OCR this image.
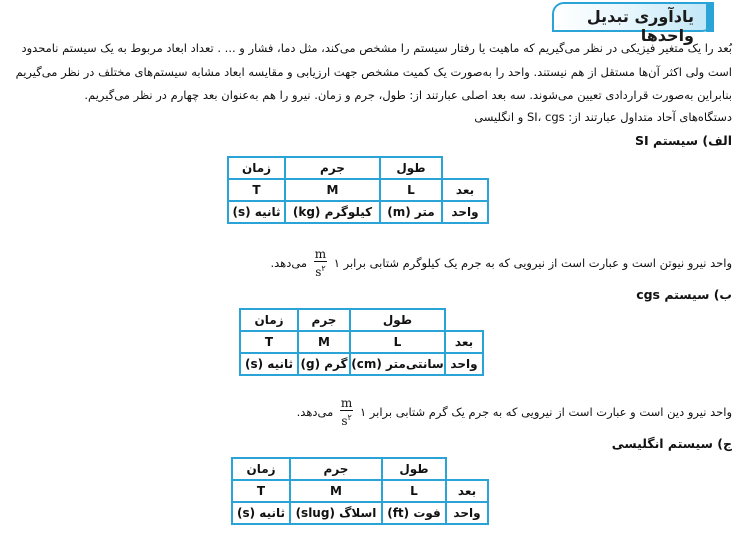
یادآوری تبدیل واحدها
بُعد را یک متغیر فیزیکی در نظر می‌گیریم که ماهیت یا رفتار سیستم را مشخص می‌کند، مثل دما، فشار و ... . تعداد ابعاد مربوط به یک سیستم نامحدود
است ولی اکثر آن‌ها مستقل از هم نیستند. واحد را به‌صورت یک کمیت مشخص جهت ارزیابی و مقایسه ابعاد مشابه سیستم‌های مختلف در نظر می‌گیریم
بنابراین به‌صورت قراردادی تعیین می‌شوند. سه بعد اصلی عبارتند از: طول، جرم و زمان. نیرو را هم به‌عنوان بعد چهارم در نظر می‌گیریم.
دستگاه‌های آحاد متداول عبارتند از: SI، cgs و انگلیسی
الف) سیستم SI
	طول	جرم	زمان
بعد	L	M	T
واحد	متر (m)	کیلوگرم (kg)	ثانیه (s)
واحد نیرو نیوتن است و عبارت است از نیرویی که به جرم یک کیلوگرم شتابی برابر ۱
$\frac{m}{s^۲}$
می‌دهد.
ب) سیستم cgs
	طول	جرم	زمان
بعد	L	M	T
واحد	سانتی‌متر (cm)	گرم (g)	ثانیه (s)
واحد نیرو دین است و عبارت است از نیرویی که به جرم یک گرم شتابی برابر ۱
$\frac{m}{s^۲}$
می‌دهد.
ج) سیستم انگلیسی
	طول	جرم	زمان
بعد	L	M	T
واحد	فوت (ft)	اسلاگ (slug)	ثانیه (s)
